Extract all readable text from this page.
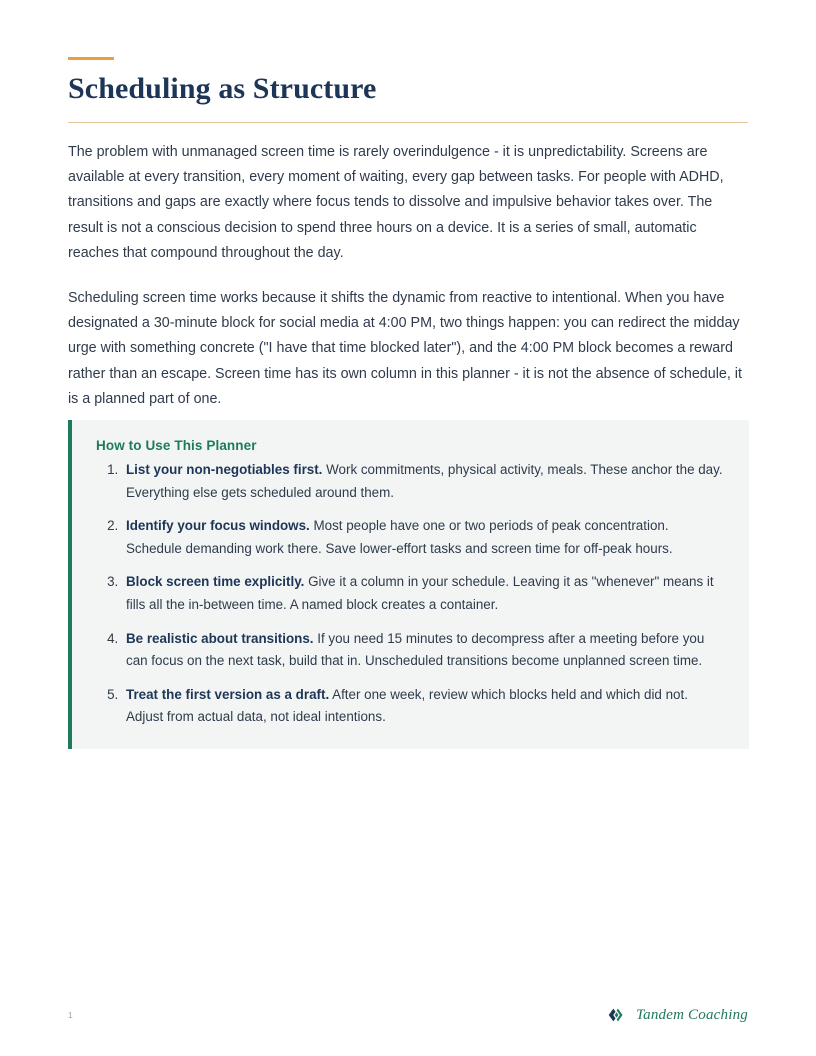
Scheduling as Structure

The problem with unmanaged screen time is rarely overindulgence - it is unpredictability. Screens are available at every transition, every moment of waiting, every gap between tasks. For people with ADHD, transitions and gaps are exactly where focus tends to dissolve and impulsive behavior takes over. The result is not a conscious decision to spend three hours on a device. It is a series of small, automatic reaches that compound throughout the day.

Scheduling screen time works because it shifts the dynamic from reactive to intentional. When you have designated a 30-minute block for social media at 4:00 PM, two things happen: you can redirect the midday urge with something concrete ("I have that time blocked later"), and the 4:00 PM block becomes a reward rather than an escape. Screen time has its own column in this planner - it is not the absence of schedule, it is a planned part of one.

How to Use This Planner
1. List your non-negotiables first. Work commitments, physical activity, meals. These anchor the day. Everything else gets scheduled around them.
2. Identify your focus windows. Most people have one or two periods of peak concentration. Schedule demanding work there. Save lower-effort tasks and screen time for off-peak hours.
3. Block screen time explicitly. Give it a column in your schedule. Leaving it as "whenever" means it fills all the in-between time. A named block creates a container.
4. Be realistic about transitions. If you need 15 minutes to decompress after a meeting before you can focus on the next task, build that in. Unscheduled transitions become unplanned screen time.
5. Treat the first version as a draft. After one week, review which blocks held and which did not. Adjust from actual data, not ideal intentions.
1	Tandem Coaching
